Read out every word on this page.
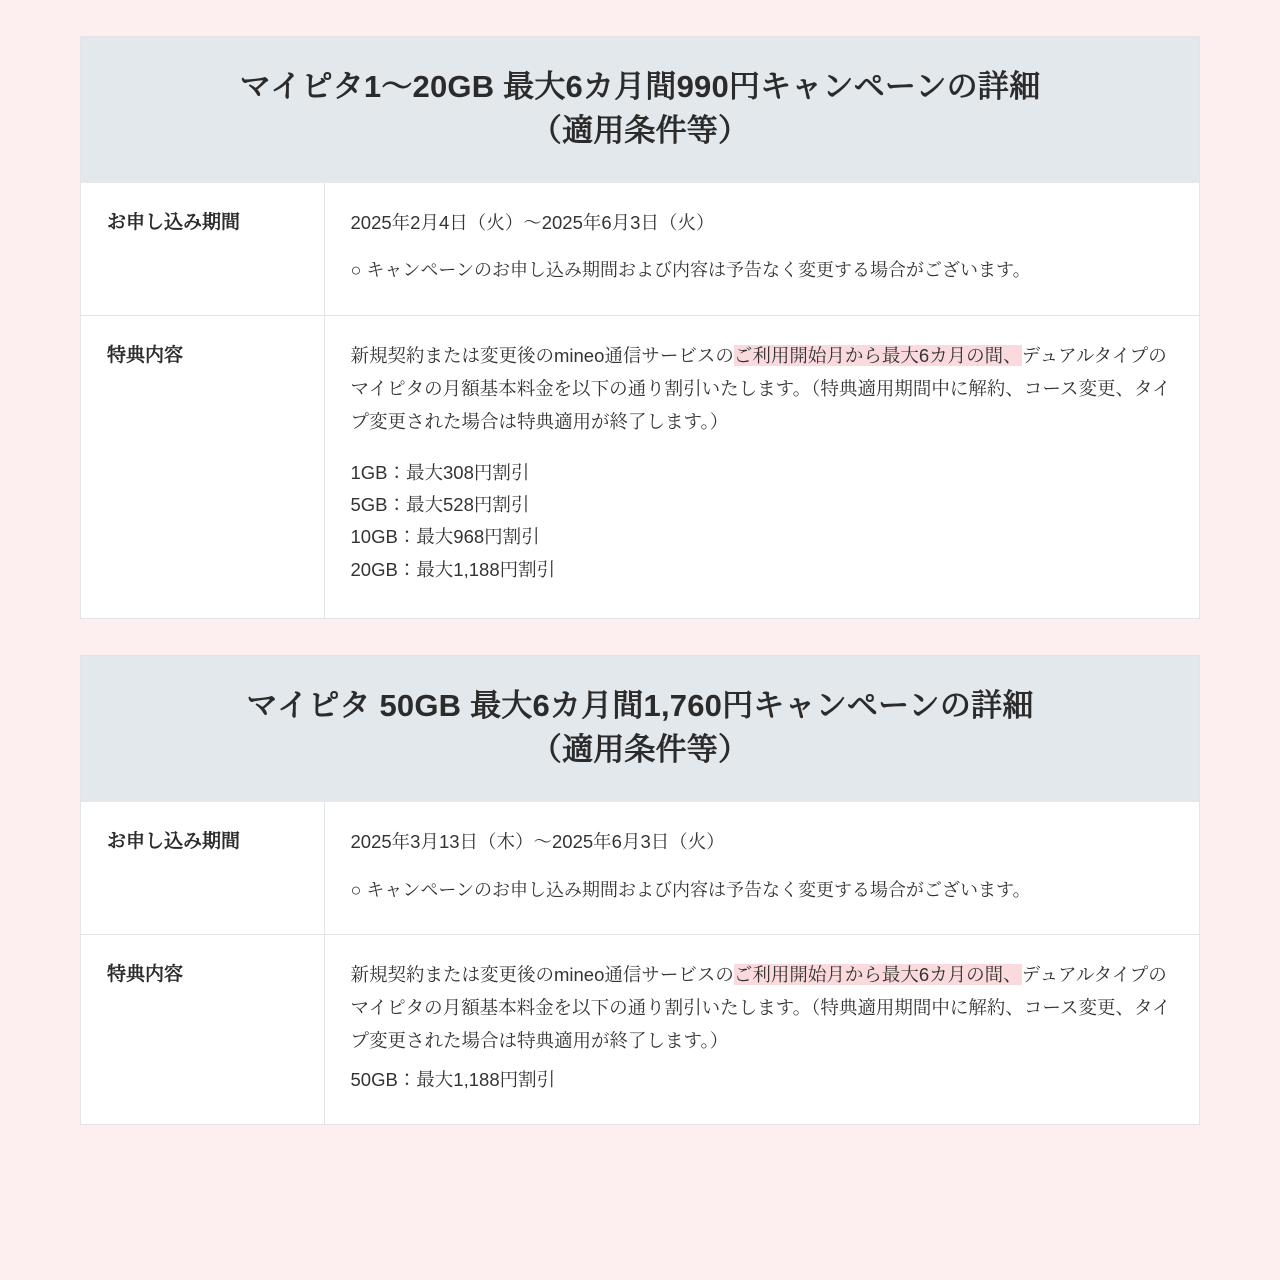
マイピタ1〜20GB 最大6カ月間990円キャンペーンの詳細
（適用条件等）
お申し込み期間	2025年2月4日（火）〜2025年6月3日（火）
○ キャンペーンのお申し込み期間および内容は予告なく変更する場合がございます。

特典内容	新規契約または変更後のmineo通信サービスのご利用開始月から最大6カ月の間、デュアルタイプのマイピタの月額基本料金を以下の通り割引いたします。（特典適用期間中に解約、コース変更、タイプ変更された場合は特典適用が終了します。）

1GB：最大308円割引
5GB：最大528円割引
10GB：最大968円割引
20GB：最大1,188円割引
マイピタ 50GB 最大6カ月間1,760円キャンペーンの詳細
（適用条件等）
お申し込み期間	2025年3月13日（木）〜2025年6月3日（火）
○ キャンペーンのお申し込み期間および内容は予告なく変更する場合がございます。

特典内容	新規契約または変更後のmineo通信サービスのご利用開始月から最大6カ月の間、デュアルタイプのマイピタの月額基本料金を以下の通り割引いたします。（特典適用期間中に解約、コース変更、タイプ変更された場合は特典適用が終了します。）

50GB：最大1,188円割引
